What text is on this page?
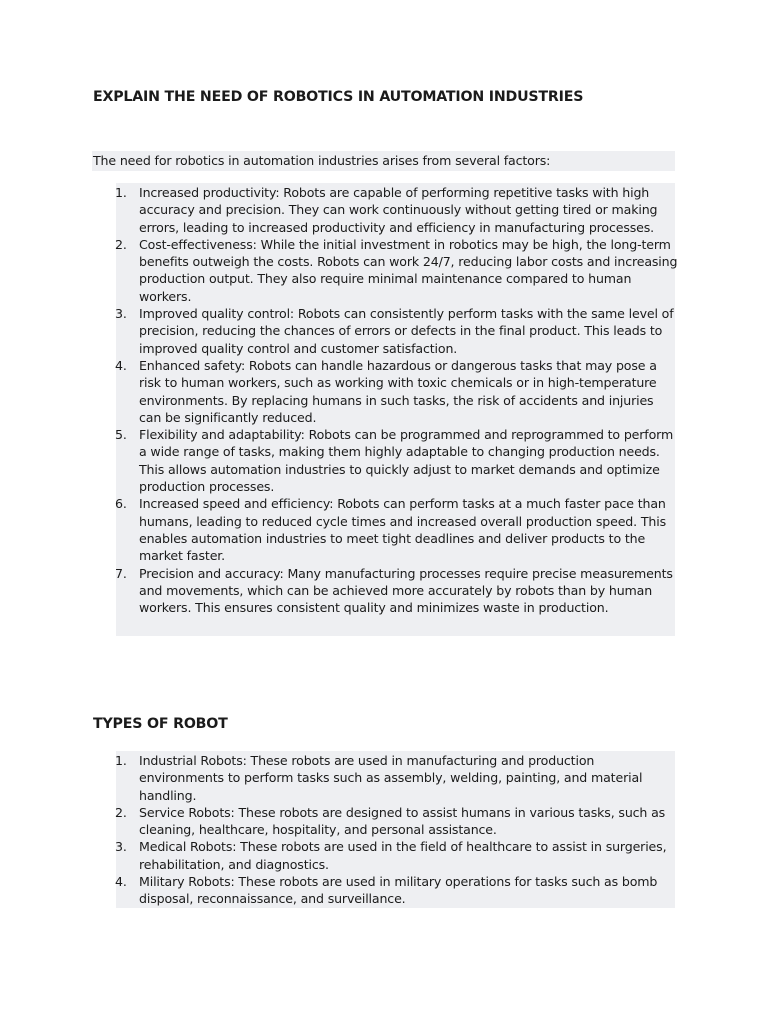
EXPLAIN THE NEED OF ROBOTICS IN AUTOMATION INDUSTRIES

The need for robotics in automation industries arises from several factors:

1. Increased productivity: Robots are capable of performing repetitive tasks with high accuracy and precision. They can work continuously without getting tired or making errors, leading to increased productivity and efficiency in manufacturing processes.
2. Cost-effectiveness: While the initial investment in robotics may be high, the long-term benefits outweigh the costs. Robots can work 24/7, reducing labor costs and increasing production output. They also require minimal maintenance compared to human workers.
3. Improved quality control: Robots can consistently perform tasks with the same level of precision, reducing the chances of errors or defects in the final product. This leads to improved quality control and customer satisfaction.
4. Enhanced safety: Robots can handle hazardous or dangerous tasks that may pose a risk to human workers, such as working with toxic chemicals or in high-temperature environments. By replacing humans in such tasks, the risk of accidents and injuries can be significantly reduced.
5. Flexibility and adaptability: Robots can be programmed and reprogrammed to perform a wide range of tasks, making them highly adaptable to changing production needs. This allows automation industries to quickly adjust to market demands and optimize production processes.
6. Increased speed and efficiency: Robots can perform tasks at a much faster pace than humans, leading to reduced cycle times and increased overall production speed. This enables automation industries to meet tight deadlines and deliver products to the market faster.
7. Precision and accuracy: Many manufacturing processes require precise measurements and movements, which can be achieved more accurately by robots than by human workers. This ensures consistent quality and minimizes waste in production.
TYPES OF ROBOT
1. Industrial Robots: These robots are used in manufacturing and production environments to perform tasks such as assembly, welding, painting, and material handling.
2. Service Robots: These robots are designed to assist humans in various tasks, such as cleaning, healthcare, hospitality, and personal assistance.
3. Medical Robots: These robots are used in the field of healthcare to assist in surgeries, rehabilitation, and diagnostics.
4. Military Robots: These robots are used in military operations for tasks such as bomb disposal, reconnaissance, and surveillance.
